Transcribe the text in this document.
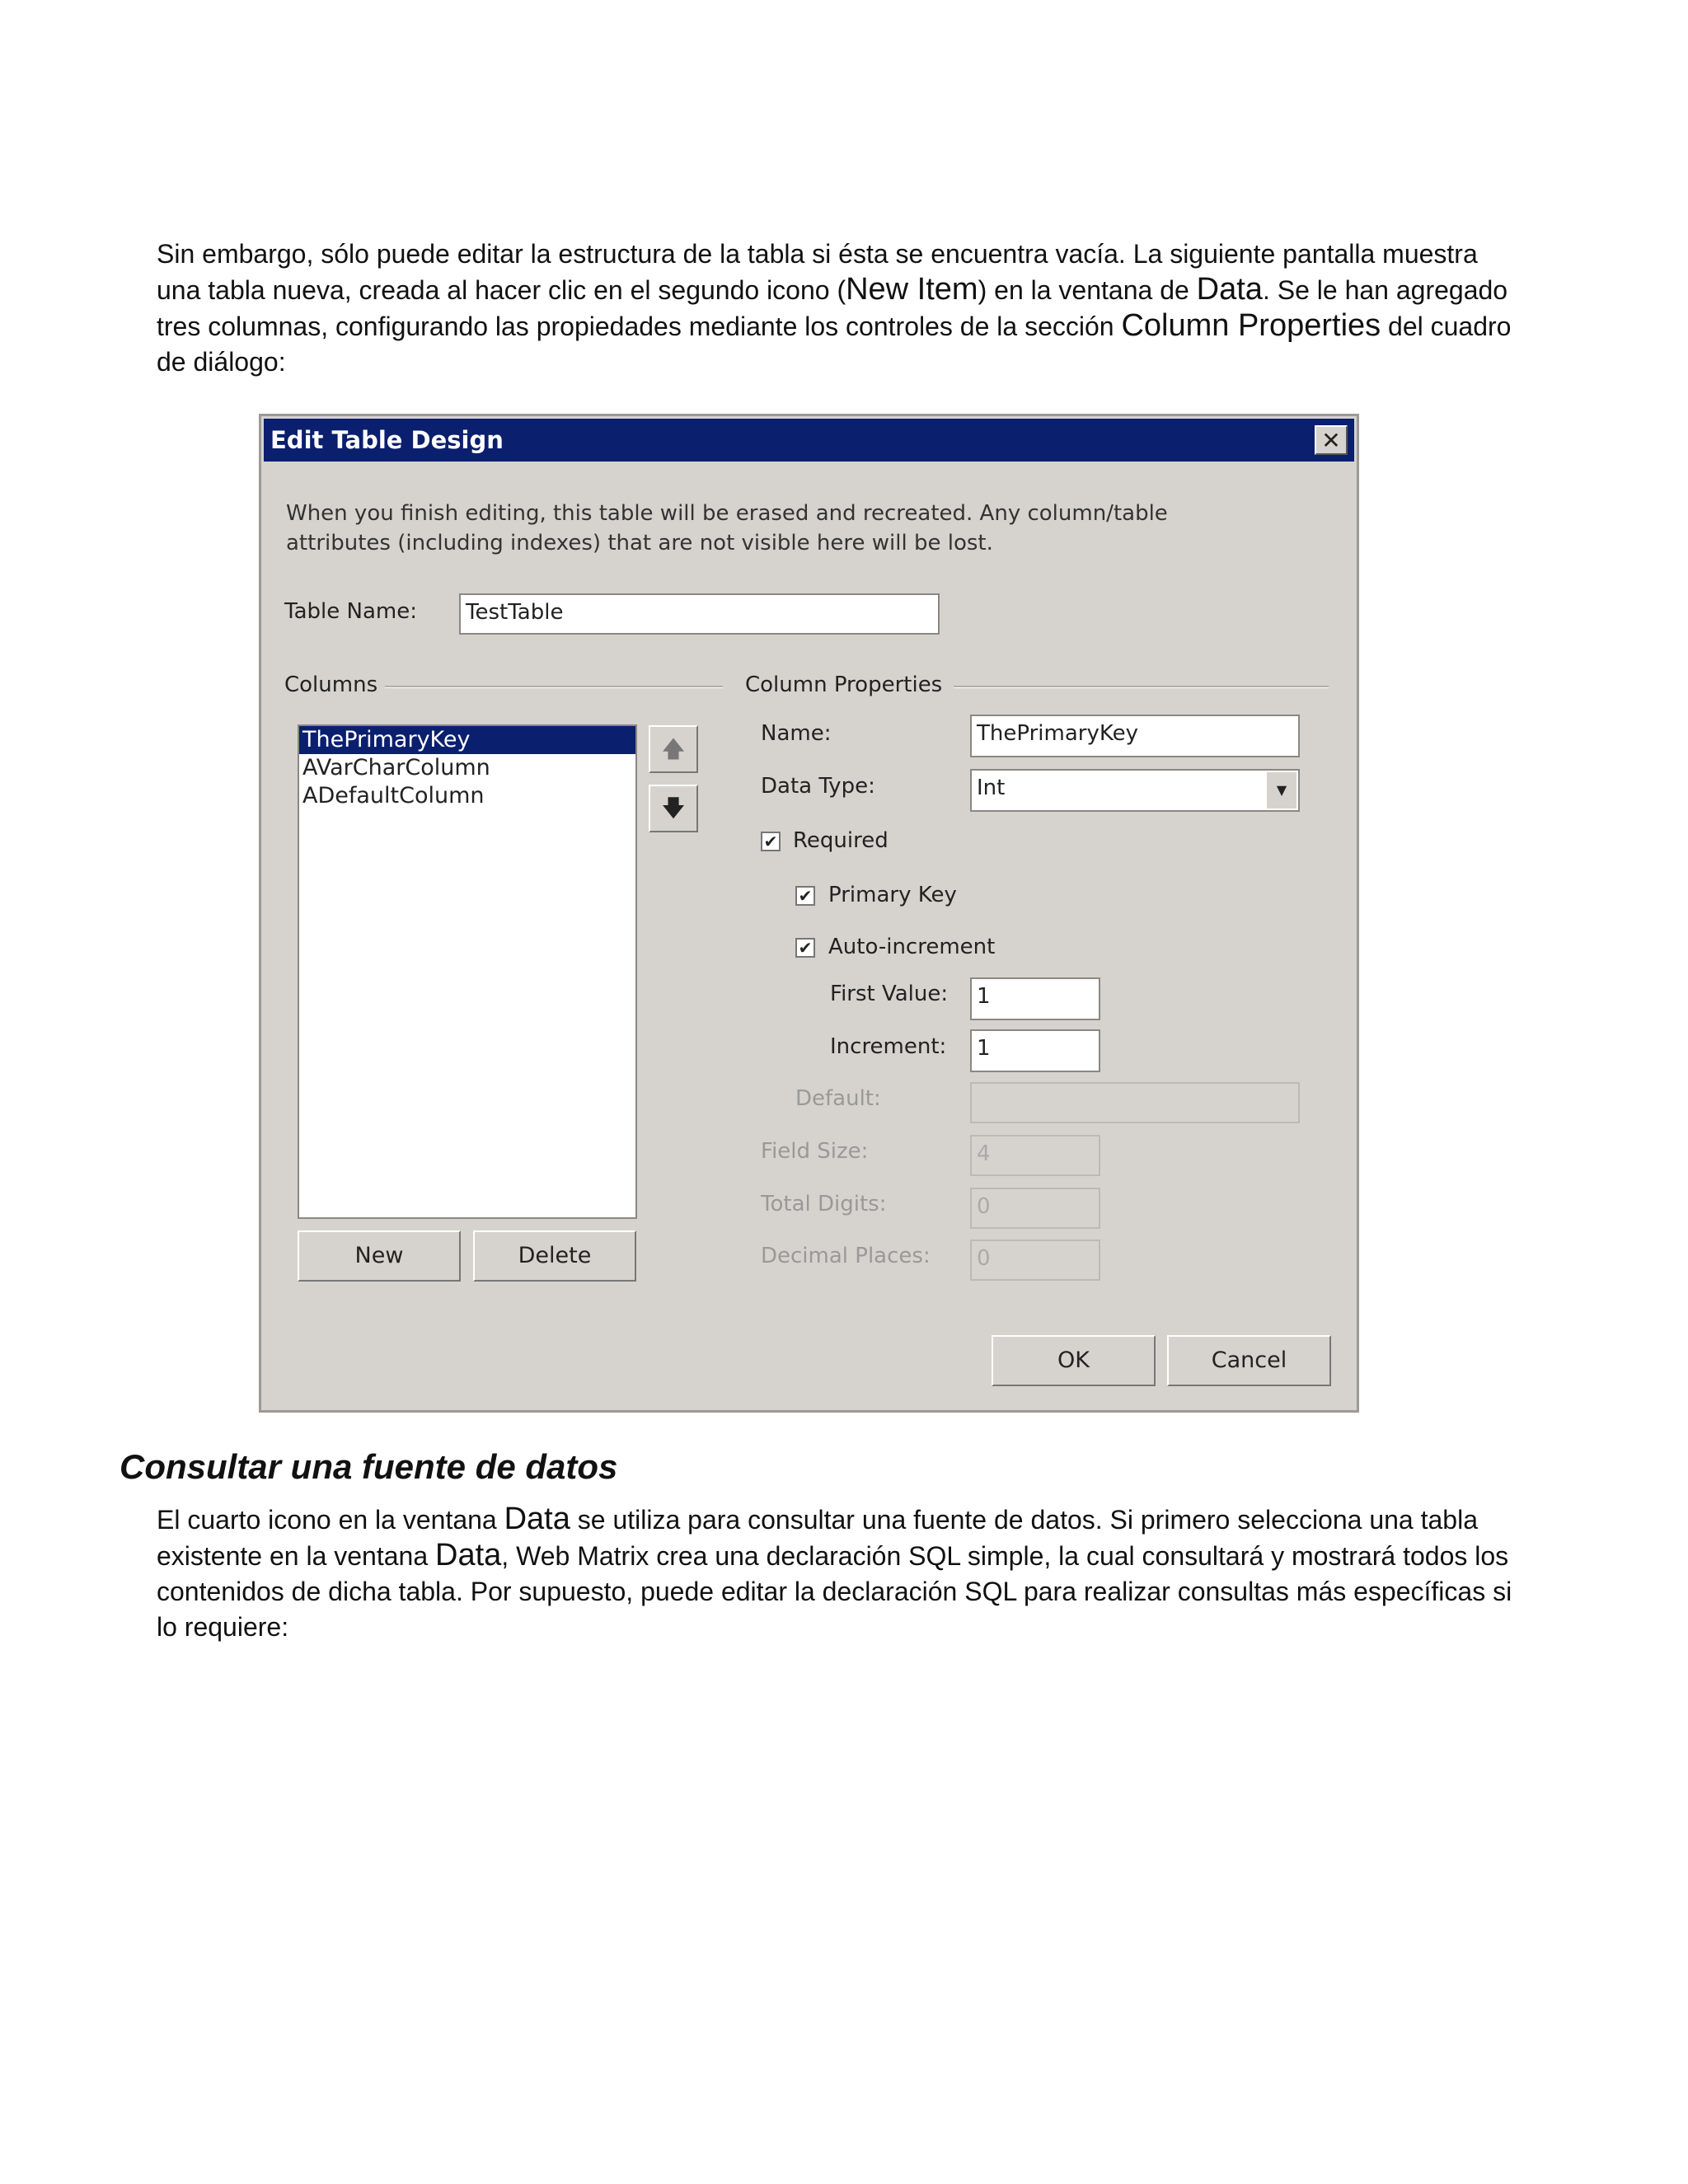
Sin embargo, sólo puede editar la estructura de la tabla si ésta se encuentra vacía. La siguiente pantalla muestra una tabla nueva, creada al hacer clic en el segundo icono (New Item) en la ventana de Data. Se le han agregado tres columnas, configurando las propiedades mediante los controles de la sección Column Properties del cuadro de diálogo:

Edit Table Design	✕
When you finish editing, this table will be erased and recreated. Any column/table attributes (including indexes) that are not visible here will be lost.
Table Name:	TestTable
Columns	Column Properties
ThePrimaryKey
AVarCharColumn
ADefaultColumn
🡅
🡇
New	Delete
Name:	ThePrimaryKey
Data Type:	Int	▼
✔ Required
✔ Primary Key
✔ Auto-increment
First Value:	1
Increment:	1
Default:
Field Size:	4
Total Digits:	0
Decimal Places:	0
OK	Cancel
Consultar una fuente de datos

El cuarto icono en la ventana Data se utiliza para consultar una fuente de datos. Si primero selecciona una tabla existente en la ventana Data, Web Matrix crea una declaración SQL simple, la cual consultará y mostrará todos los contenidos de dicha tabla. Por supuesto, puede editar la declaración SQL para realizar consultas más específicas si lo requiere:
